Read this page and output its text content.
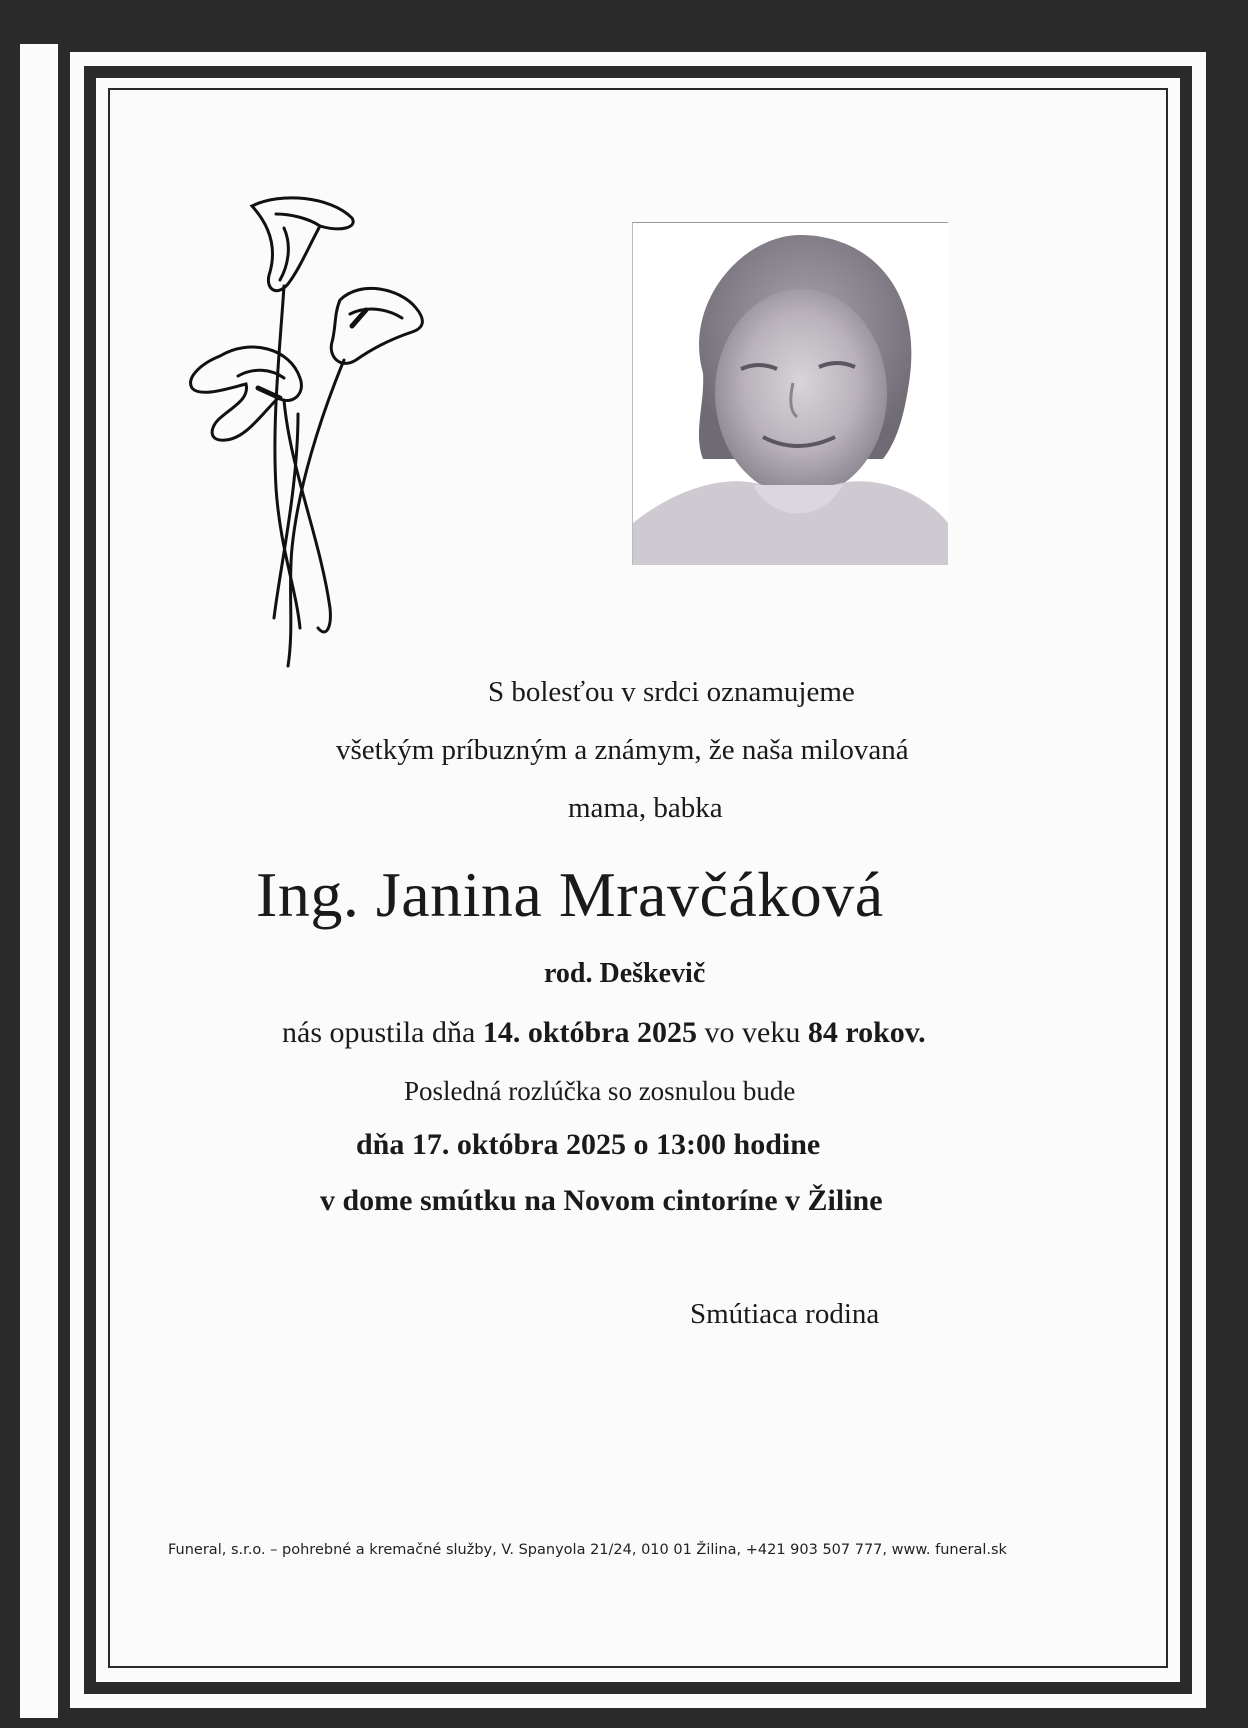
S bolesťou v srdci oznamujeme
všetkým príbuzným a známym, že naša milovaná
mama, babka
Ing. Janina Mravčáková
rod. Deškevič
nás opustila dňa 14. októbra 2025 vo veku 84 rokov.
Posledná rozlúčka so zosnulou bude
dňa 17. októbra 2025 o 13:00 hodine
v dome smútku na Novom cintoríne v Žiline
Smútiaca rodina
Funeral, s.r.o. – pohrebné a kremačné služby, V. Spanyola 21/24, 010 01 Žilina, +421 903 507 777, www. funeral.sk
